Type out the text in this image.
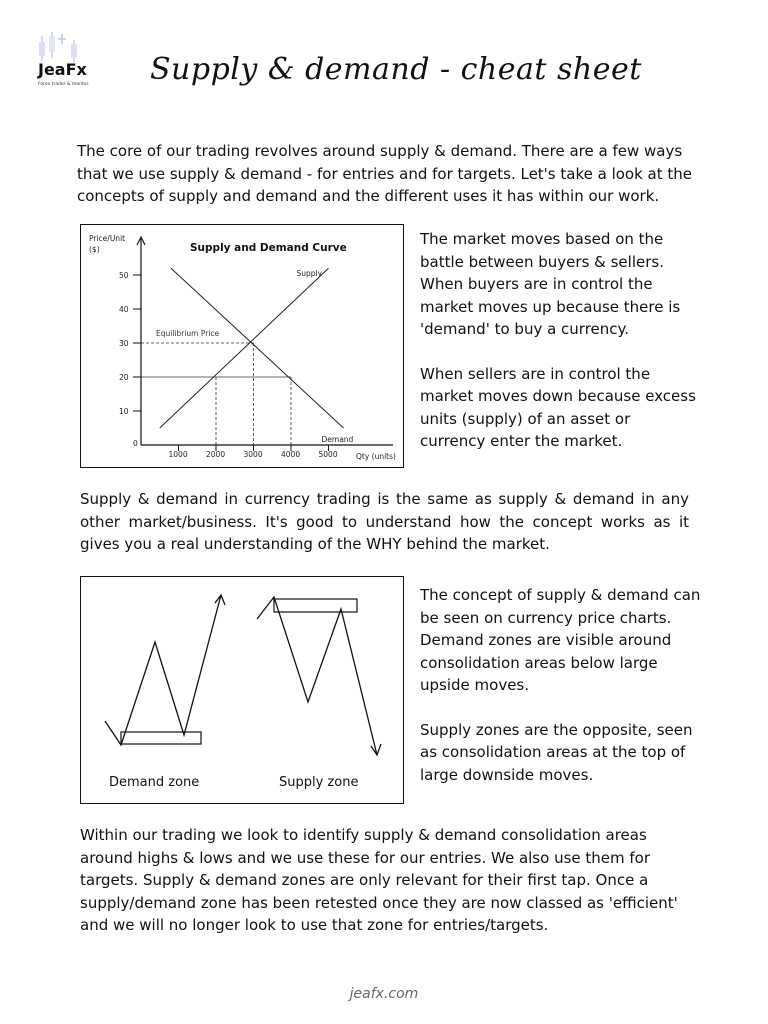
JeaFx
Forex trader & mentor. Supply & demand - cheat sheet
The core of our trading revolves around supply & demand. There are a few ways that we use supply & demand - for entries and for targets. Let's take a look at the concepts of supply and demand and the different uses it has within our work.
Price/Unit
($)	Supply and Demand Curve
0
10
20
30
40
50
1000 2000 3000 4000 5000 Qty (units)
Supply
Demand
Equilibrium Price

The market moves based on the battle between buyers & sellers. When buyers are in control the market moves up because there is 'demand' to buy a currency.

When sellers are in control the market moves down because excess units (supply) of an asset or currency enter the market.

Supply & demand in currency trading is the same as supply & demand in any other market/business. It's good to understand how the concept works as it gives you a real understanding of the WHY behind the market.
Demand zone	Supply zone

The concept of supply & demand can be seen on currency price charts. Demand zones are visible around consolidation areas below large upside moves.

Supply zones are the opposite, seen as consolidation areas at the top of large downside moves.

Within our trading we look to identify supply & demand consolidation areas around highs & lows and we use these for our entries. We also use them for targets. Supply & demand zones are only relevant for their first tap. Once a supply/demand zone has been retested once they are now classed as 'efficient' and we will no longer look to use that zone for entries/targets.
jeafx.com
